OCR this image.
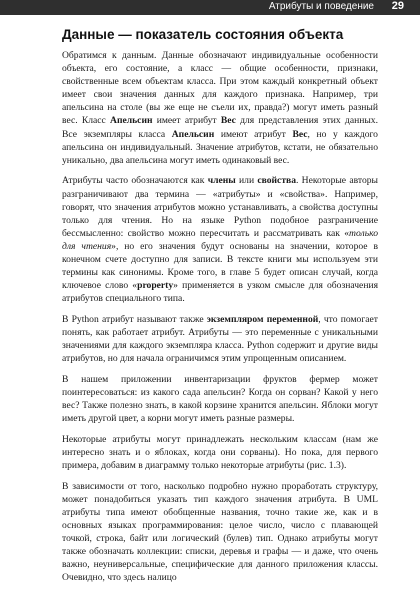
Атрибуты и поведение 29
Данные — показатель состояния объекта

Обратимся к данным. Данные обозначают индивидуальные особенности объекта, его состояние, а класс — общие особенности, признаки, свойственные всем объектам класса. При этом каждый конкретный объект имеет свои значения данных для каждого признака. Например, три апельсина на столе (вы же еще не съели их, правда?) могут иметь разный вес. Класс Апельсин имеет атрибут Вес для представления этих данных. Все экземпляры класса Апельсин имеют атрибут Вес, но у каждого апельсина он индивидуальный. Значение атрибутов, кстати, не обязательно уникально, два апельсина могут иметь одинаковый вес.

Атрибуты часто обозначаются как члены или свойства. Некоторые авторы разграничивают два термина — «атрибуты» и «свойства». Например, говорят, что значения атрибутов можно устанавливать, а свойства доступны только для чтения. Но на языке Python подобное разграничение бессмысленно: свойство можно пересчитать и рассматривать как «только для чтения», но его значения будут основаны на значении, которое в конечном счете доступно для записи. В тексте книги мы используем эти термины как синонимы. Кроме того, в главе 5 будет описан случай, когда ключевое слово «property» применяется в узком смысле для обозначения атрибутов специального типа.

В Python атрибут называют также экземпляром переменной, что помогает понять, как работает атрибут. Атрибуты — это переменные с уникальными значениями для каждого экземпляра класса. Python содержит и другие виды атрибутов, но для начала ограничимся этим упрощенным описанием.

В нашем приложении инвентаризации фруктов фермер может поинтересоваться: из какого сада апельсин? Когда он сорван? Какой у него вес? Также полезно знать, в какой корзине хранится апельсин. Яблоки могут иметь другой цвет, а корни могут иметь разные размеры.

Некоторые атрибуты могут принадлежать нескольким классам (нам же интересно знать и о яблоках, когда они сорваны). Но пока, для первого примера, добавим в диаграмму только некоторые атрибуты (рис. 1.3).

В зависимости от того, насколько подробно нужно проработать структуру, может понадобиться указать тип каждого значения атрибута. В UML атрибуты типа имеют обобщенные названия, точно такие же, как и в основных языках программирования: целое число, число с плавающей точкой, строка, байт или логический (булев) тип. Однако атрибуты могут также обозначать коллекции: списки, деревья и графы — и даже, что очень важно, неуниверсальные, специфические для данного приложения классы. Очевидно, что здесь налицо
